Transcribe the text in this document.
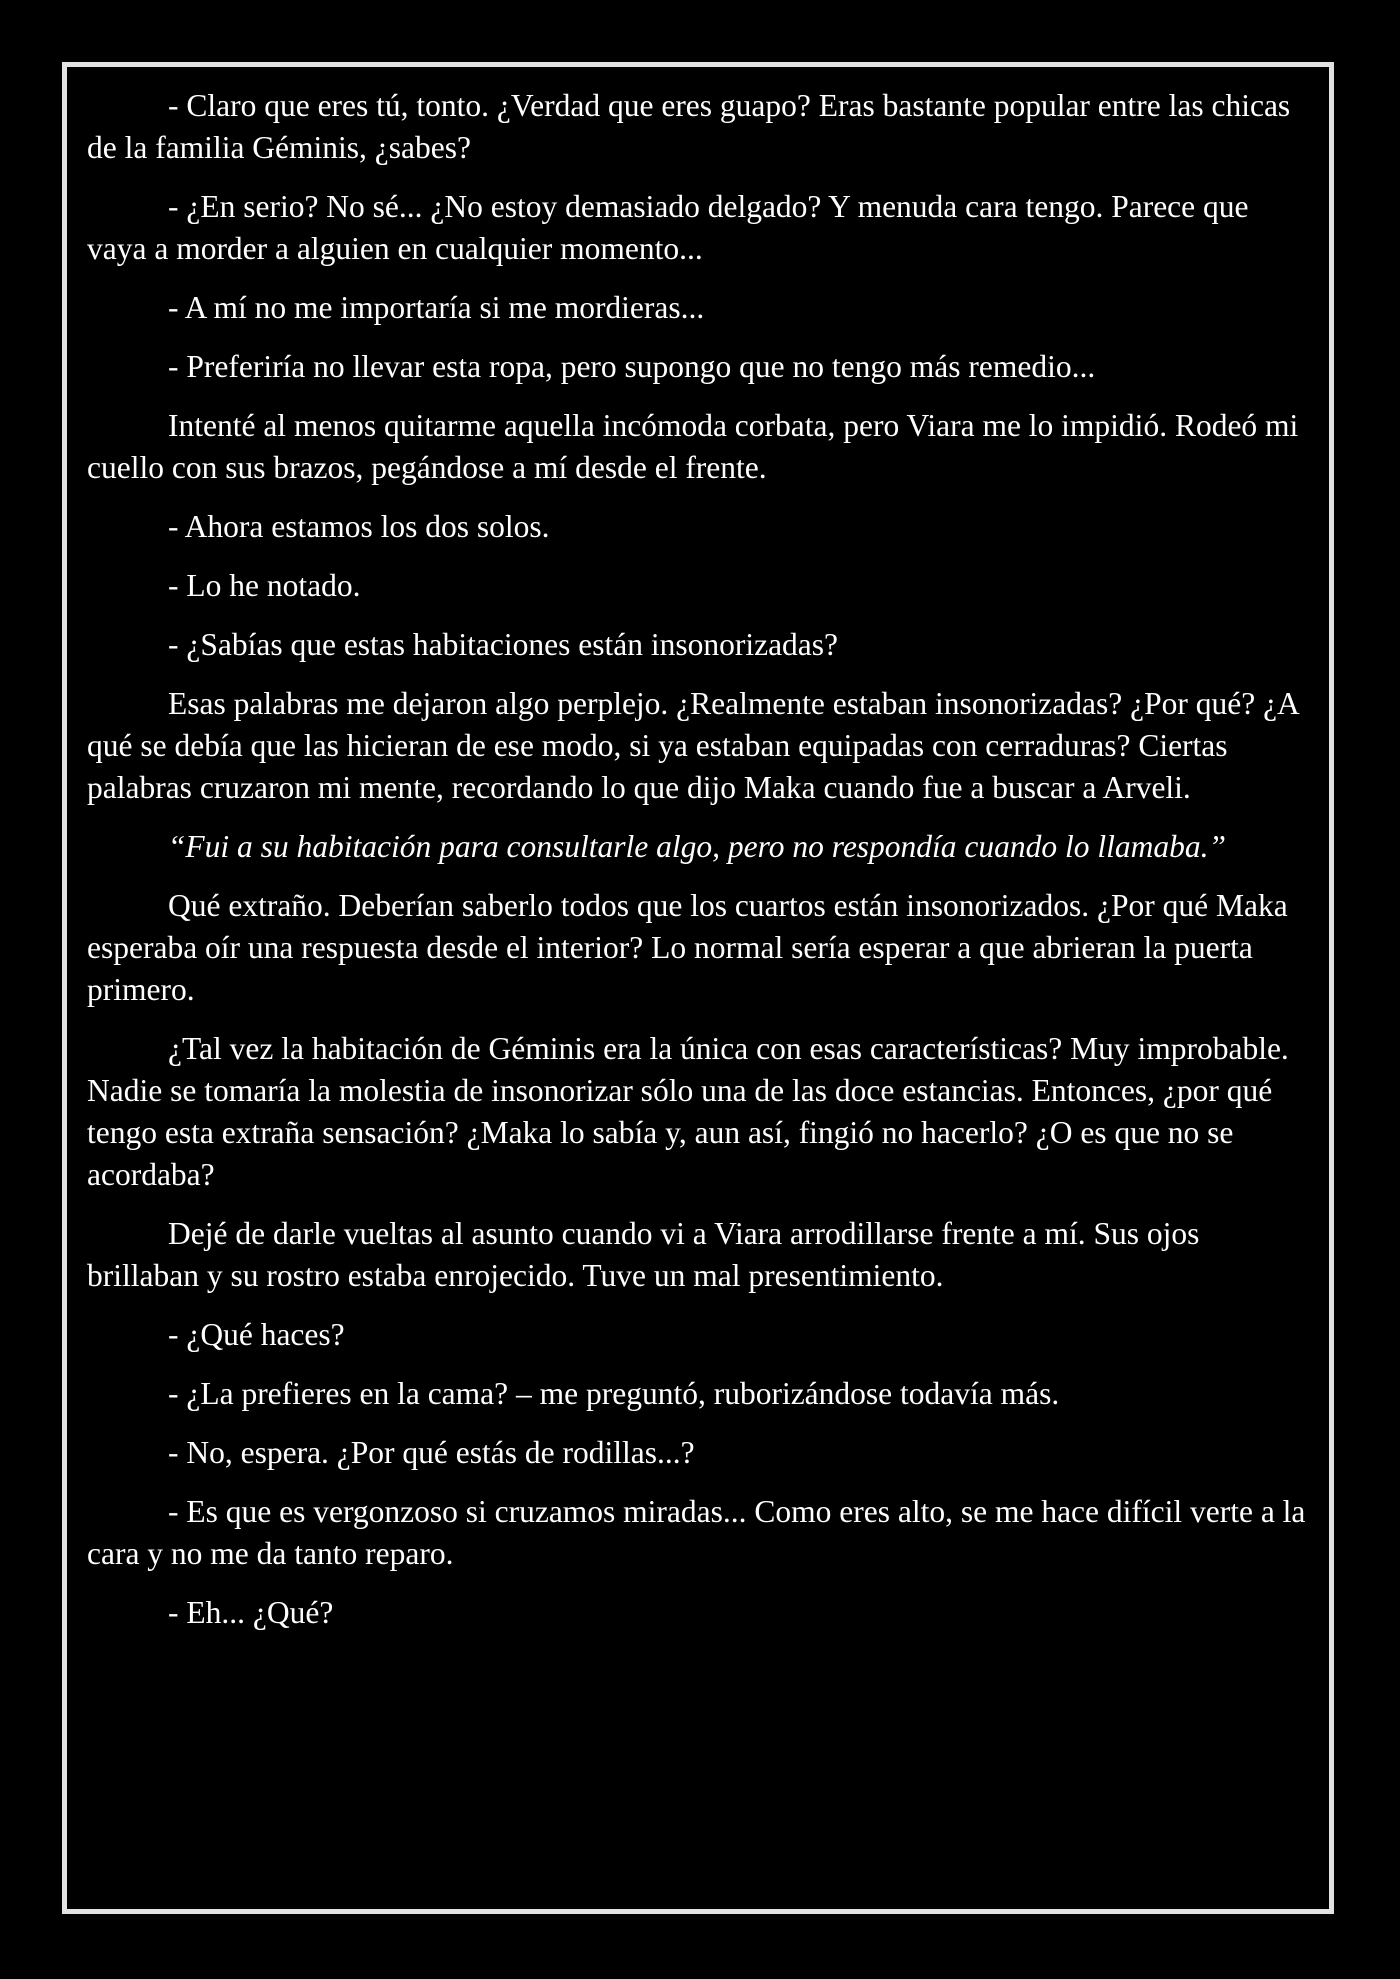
- Claro que eres tú, tonto. ¿Verdad que eres guapo? Eras bastante popular entre las chicas de la familia Géminis, ¿sabes?

- ¿En serio? No sé... ¿No estoy demasiado delgado? Y menuda cara tengo. Parece que vaya a morder a alguien en cualquier momento...

- A mí no me importaría si me mordieras...

- Preferiría no llevar esta ropa, pero supongo que no tengo más remedio...

Intenté al menos quitarme aquella incómoda corbata, pero Viara me lo impidió. Rodeó mi cuello con sus brazos, pegándose a mí desde el frente.

- Ahora estamos los dos solos.

- Lo he notado.

- ¿Sabías que estas habitaciones están insonorizadas?

Esas palabras me dejaron algo perplejo. ¿Realmente estaban insonorizadas? ¿Por qué? ¿A qué se debía que las hicieran de ese modo, si ya estaban equipadas con cerraduras? Ciertas palabras cruzaron mi mente, recordando lo que dijo Maka cuando fue a buscar a Arveli.

“Fui a su habitación para consultarle algo, pero no respondía cuando lo llamaba.”

Qué extraño. Deberían saberlo todos que los cuartos están insonorizados. ¿Por qué Maka esperaba oír una respuesta desde el interior? Lo normal sería esperar a que abrieran la puerta primero.

¿Tal vez la habitación de Géminis era la única con esas características? Muy improbable. Nadie se tomaría la molestia de insonorizar sólo una de las doce estancias. Entonces, ¿por qué tengo esta extraña sensación? ¿Maka lo sabía y, aun así, fingió no hacerlo? ¿O es que no se acordaba?

Dejé de darle vueltas al asunto cuando vi a Viara arrodillarse frente a mí. Sus ojos brillaban y su rostro estaba enrojecido. Tuve un mal presentimiento.

- ¿Qué haces?

- ¿La prefieres en la cama? – me preguntó, ruborizándose todavía más.

- No, espera. ¿Por qué estás de rodillas...?

- Es que es vergonzoso si cruzamos miradas... Como eres alto, se me hace difícil verte a la cara y no me da tanto reparo.

- Eh... ¿Qué?
